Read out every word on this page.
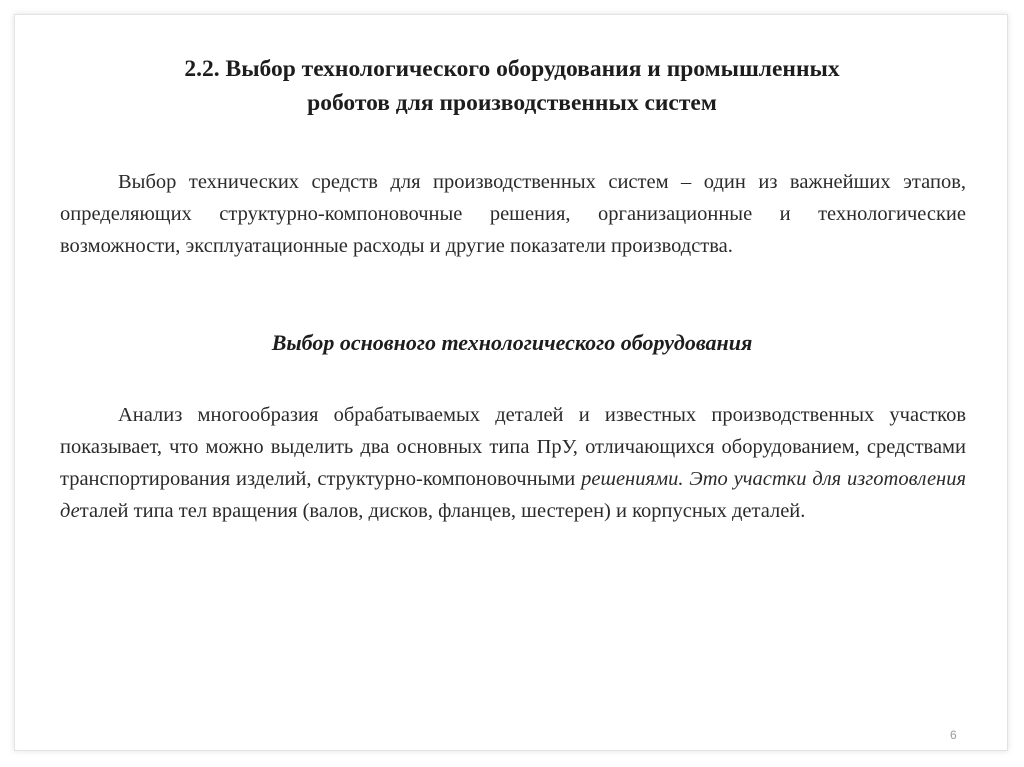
2.2. Выбор технологического оборудования и промышленных
роботов для производственных систем

Выбор технических средств для производственных систем – один из важнейших этапов, определяющих структурно-компоновочные решения, организационные и технологические возможности, эксплуатационные расходы и другие показатели производства.

Выбор основного технологического оборудования

Анализ многообразия обрабатываемых деталей и известных производственных участков показывает, что можно выделить два основных типа ПрУ, отличающихся оборудованием, средствами транспортирования изделий, структурно-компоновочными решениями. Это участки для изготовления деталей типа тел вращения (валов, дисков, фланцев, шестерен) и корпусных деталей.

6
